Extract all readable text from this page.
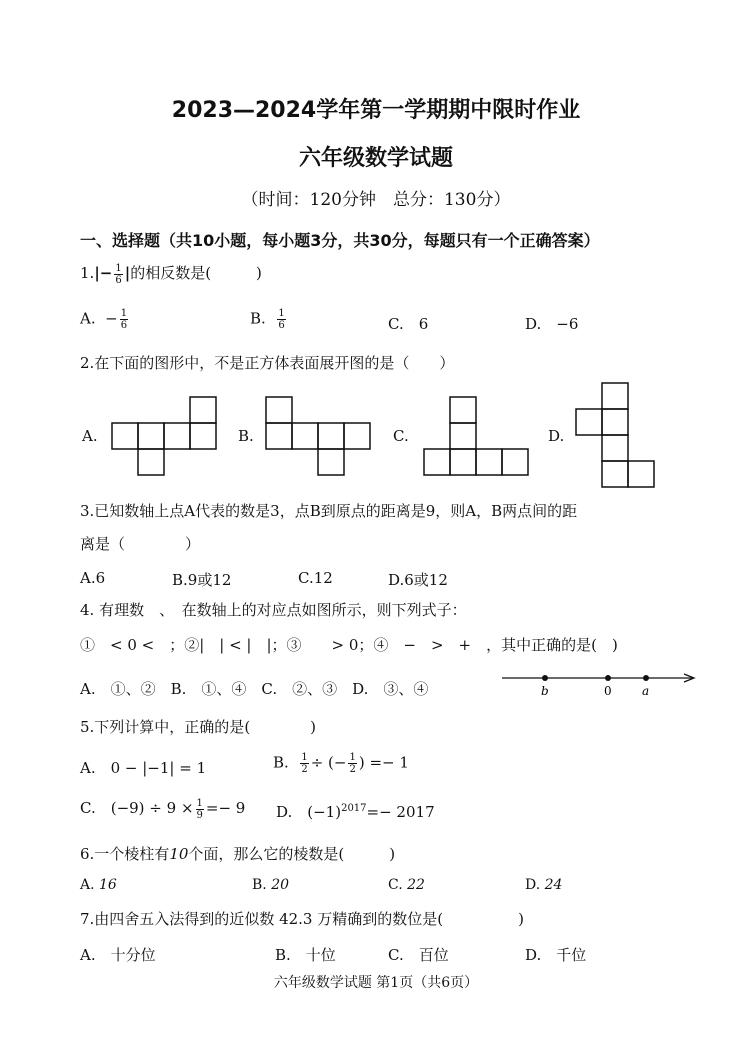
2023—2024学年第一学期期中限时作业
六年级数学试题
（时间：120分钟　总分：130分）
一、选择题（共10小题，每小题3分，共30分，每题只有一个正确答案）
$1.|- \frac{1}{6}$ |的相反数是(　　　)
A. − $\frac{1}{6}$	B. $\frac{1}{6}$	C.　6	D.　−6
2.在下面的图形中，不是正方体表面展开图的是（　　）
A.	B.	C.	D.
3.已知数轴上点A代表的数是3，点B到原点的距离是9，则A，B两点间的距
离是（　　　　）
A.6	B.9或12	C.12	D.6或12
4. 有理数　、　在数轴上的对应点如图所示，则下列式子：
①　< 0 <　；②|　| < |　|；③　　> 0；④　−　>　+　，其中正确的是(　)
A.　①、②　B.　①、④　C.　②、③　D.　③、④	b	0	a
5.下列计算中，正确的是(　　　　)
A.　0 − |−1| = 1	B. $\frac{1}{2}$ ÷ (− $\frac{1}{2}$ ) =− 1
C.　$(-9) \div 9 \times \frac{1}{9} =- 9$ D.　$(-1)^{2017}=- 2017$
6.一个棱柱有10个面，那么它的棱数是(　　　)
A. 16	B. 20	C. 22	D. 24
7.由四舍五入法得到的近似数 42.3 万精确到的数位是(　　　　　)
A.　十分位	B.　十位	C.　百位	D.　千位
六年级数学试题 第1页（共6页）
